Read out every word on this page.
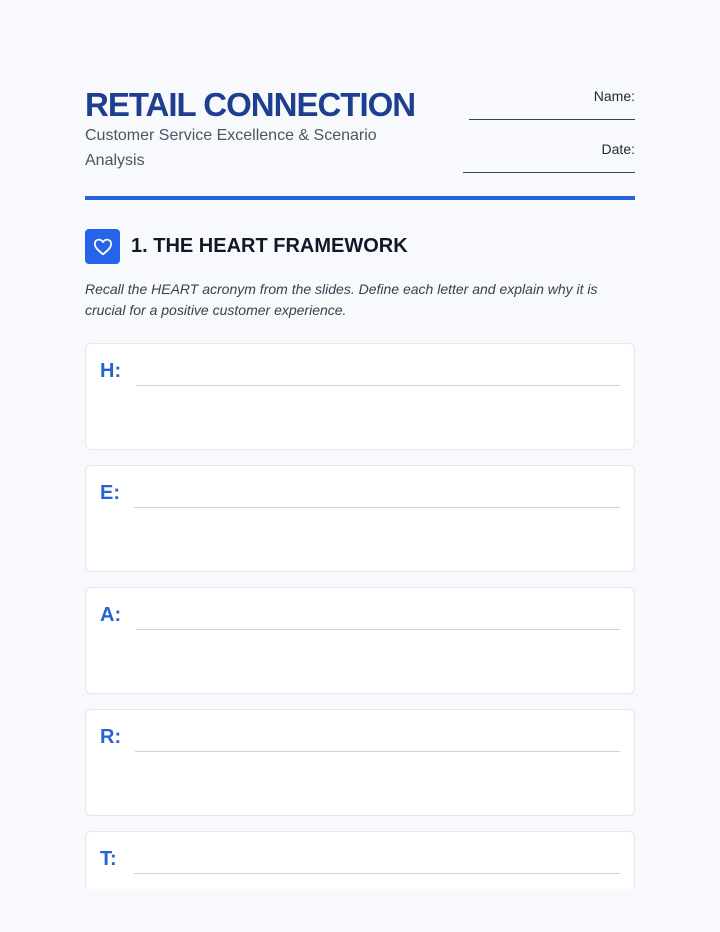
RETAIL CONNECTION
Customer Service Excellence & Scenario Analysis
Name:
Date:
1. THE HEART FRAMEWORK
Recall the HEART acronym from the slides. Define each letter and explain why it is crucial for a positive customer experience.
H:
E:
A:
R:
T:
